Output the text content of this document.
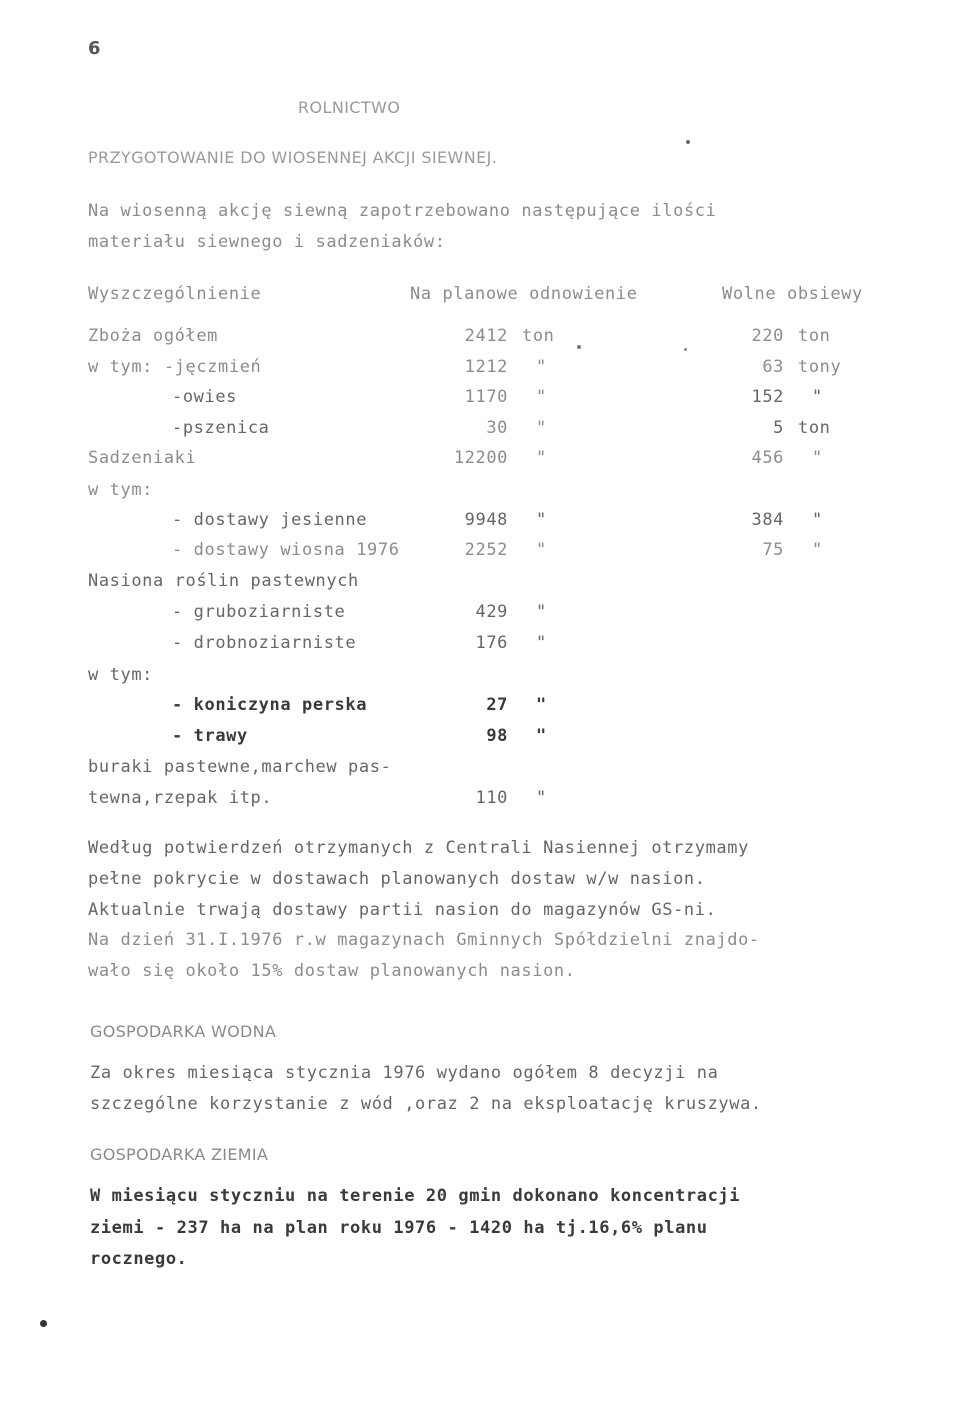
6
ROLNICTWO
PRZYGOTOWANIE DO WIOSENNEJ AKCJI SIEWNEJ.
Na wiosenną akcję siewną zapotrzebowano następujące ilości
materiału siewnego i sadzeniaków:
Wyszczególnienie	Na planowe odnowienie	Wolne obsiewy
Zboża ogółem	2412 ton	220 ton
w tym: -jęczmień	1212 "	63 tony
-owies	1170 "	152 "
-pszenica	30 "	5 ton
Sadzeniaki	12200 "	456 "
w tym:
- dostawy jesienne	9948 "	384 "
- dostawy wiosna 1976	2252 "	75 "
Nasiona roślin pastewnych
- gruboziarniste	429 "
- drobnoziarniste	176 "
w tym:
- koniczyna perska	27 "
- trawy	98 "
buraki pastewne,marchew pas-
tewna,rzepak itp.	110 "
Według potwierdzeń otrzymanych z Centrali Nasiennej otrzymamy
pełne pokrycie w dostawach planowanych dostaw w/w nasion.
Aktualnie trwają dostawy partii nasion do magazynów GS-ni.
Na dzień 31.I.1976 r.w magazynach Gminnych Spółdzielni znajdo-
wało się około 15% dostaw planowanych nasion.
GOSPODARKA WODNA
Za okres miesiąca stycznia 1976 wydano ogółem 8 decyzji na
szczególne korzystanie z wód ,oraz 2 na eksploatację kruszywa.
GOSPODARKA ZIEMIA
W miesiącu styczniu na terenie 20 gmin dokonano koncentracji
ziemi - 237 ha na plan roku 1976 - 1420 ha tj.16,6% planu
rocznego.
